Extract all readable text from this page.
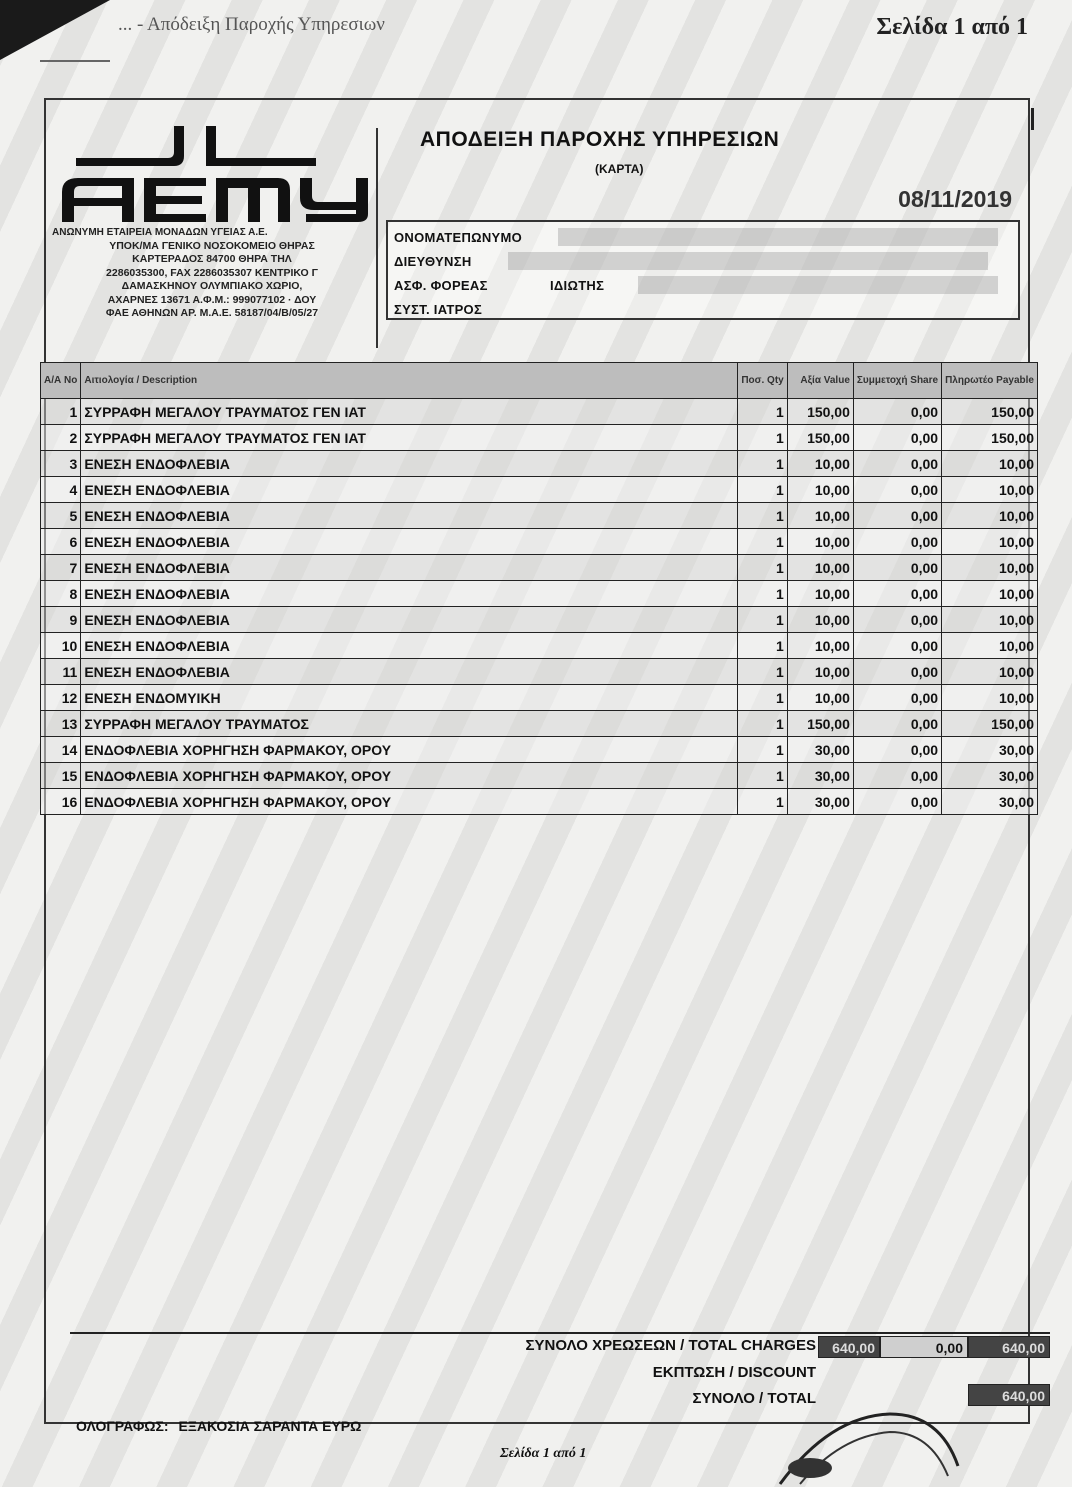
... - Απόδειξη Παροχής Υπηρεσιων	Σελίδα 1 από 1
ΑΝΩΝΥΜΗ ΕΤΑΙΡΕΙΑ ΜΟΝΑΔΩΝ ΥΓΕΙΑΣ Α.Ε.
ΥΠΟΚ/ΜΑ ΓΕΝΙΚΟ ΝΟΣΟΚΟΜΕΙΟ ΘΗΡΑΣ
ΚΑΡΤΕΡΑΔΟΣ 84700 ΘΗΡΑ ΤΗΛ
2286035300, FAX 2286035307 ΚΕΝΤΡΙΚΟ Γ
ΔΑΜΑΣΚΗΝΟΥ ΟΛΥΜΠΙΑΚΟ ΧΩΡΙΟ,
ΑΧΑΡΝΕΣ 13671 Α.Φ.Μ.: 999077102 · ΔΟΥ
ΦΑΕ ΑΘΗΝΩΝ ΑΡ. Μ.Α.Ε. 58187/04/Β/05/27
ΑΠΟΔΕΙΞΗ ΠΑΡΟΧΗΣ ΥΠΗΡΕΣΙΩΝ
(ΚΑΡΤΑ)
08/11/2019
ΟΝΟΜΑΤΕΠΩΝΥΜΟ
ΔΙΕΥΘΥΝΣΗ
ΑΣΦ. ΦΟΡΕΑΣ	ΙΔΙΩΤΗΣ
ΣΥΣΤ. ΙΑΤΡΟΣ
Α/Α No	Αιτιολογία / Description	Ποσ. Qty	Αξία Value	Συμμετοχή Share	Πληρωτέο Payable
1	ΣΥΡΡΑΦΗ ΜΕΓΑΛΟΥ ΤΡΑΥΜΑΤΟΣ ΓΕΝ ΙΑΤ	1	150,00	0,00	150,00
2	ΣΥΡΡΑΦΗ ΜΕΓΑΛΟΥ ΤΡΑΥΜΑΤΟΣ ΓΕΝ ΙΑΤ	1	150,00	0,00	150,00
3	ΕΝΕΣΗ ΕΝΔΟΦΛΕΒΙΑ	1	10,00	0,00	10,00
4	ΕΝΕΣΗ ΕΝΔΟΦΛΕΒΙΑ	1	10,00	0,00	10,00
5	ΕΝΕΣΗ ΕΝΔΟΦΛΕΒΙΑ	1	10,00	0,00	10,00
6	ΕΝΕΣΗ ΕΝΔΟΦΛΕΒΙΑ	1	10,00	0,00	10,00
7	ΕΝΕΣΗ ΕΝΔΟΦΛΕΒΙΑ	1	10,00	0,00	10,00
8	ΕΝΕΣΗ ΕΝΔΟΦΛΕΒΙΑ	1	10,00	0,00	10,00
9	ΕΝΕΣΗ ΕΝΔΟΦΛΕΒΙΑ	1	10,00	0,00	10,00
10	ΕΝΕΣΗ ΕΝΔΟΦΛΕΒΙΑ	1	10,00	0,00	10,00
11	ΕΝΕΣΗ ΕΝΔΟΦΛΕΒΙΑ	1	10,00	0,00	10,00
12	ΕΝΕΣΗ ΕΝΔΟΜΥΙΚΗ	1	10,00	0,00	10,00
13	ΣΥΡΡΑΦΗ ΜΕΓΑΛΟΥ ΤΡΑΥΜΑΤΟΣ	1	150,00	0,00	150,00
14	ΕΝΔΟΦΛΕΒΙΑ ΧΟΡΗΓΗΣΗ ΦΑΡΜΑΚΟΥ, ΟΡΟΥ	1	30,00	0,00	30,00
15	ΕΝΔΟΦΛΕΒΙΑ ΧΟΡΗΓΗΣΗ ΦΑΡΜΑΚΟΥ, ΟΡΟΥ	1	30,00	0,00	30,00
16	ΕΝΔΟΦΛΕΒΙΑ ΧΟΡΗΓΗΣΗ ΦΑΡΜΑΚΟΥ, ΟΡΟΥ	1	30,00	0,00	30,00
ΣΥΝΟΛΟ ΧΡΕΩΣΕΩΝ / TOTAL CHARGES	640,00	0,00	640,00
ΕΚΠΤΩΣΗ / DISCOUNT
ΣΥΝΟΛΟ / TOTAL	640,00
ΟΛΟΓΡΑΦΩΣ: ΕΞΑΚΟΣΙΑ ΣΑΡΑΝΤΑ ΕΥΡΩ
Σελίδα 1 από 1
